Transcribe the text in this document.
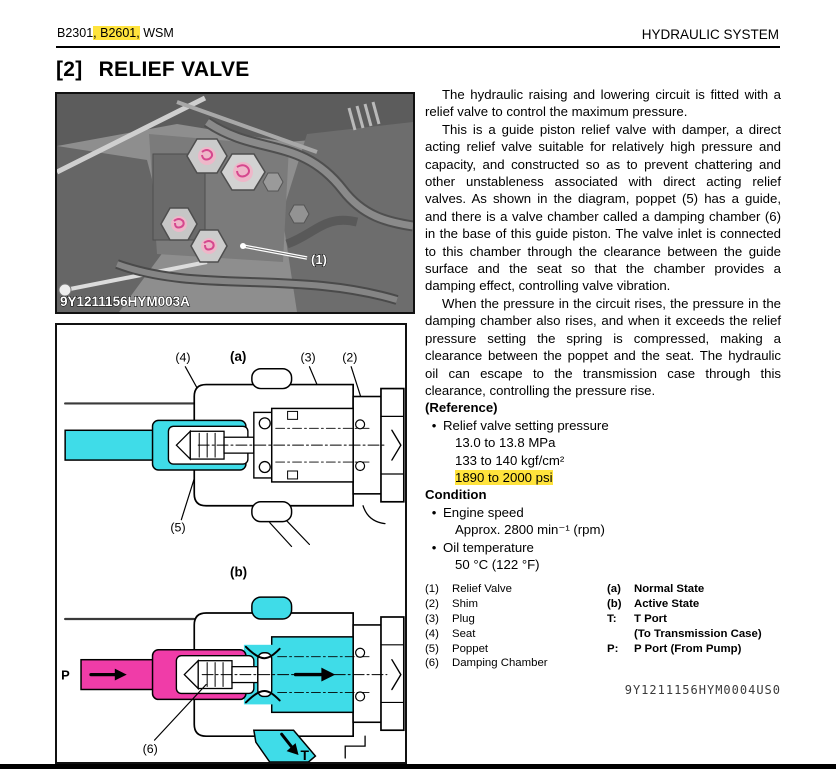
B2301, B2601, WSM	HYDRAULIC SYSTEM
[2] RELIEF VALVE
(1)
9Y1211156HYM003A
(a)
(4)	(3) (2)
(5)
(b)
P
T
(6)

The hydraulic raising and lowering circuit is fitted with a relief valve to control the maximum pressure.

This is a guide piston relief valve with damper, a direct acting relief valve suitable for relatively high pressure and capacity, and constructed so as to prevent chattering and other unstableness associated with direct acting relief valves. As shown in the diagram, poppet (5) has a guide, and there is a valve chamber called a damping chamber (6) in the base of this guide piston. The valve inlet is connected to this chamber through the clearance between the guide surface and the seat so that the chamber provides a damping effect, controlling valve vibration.

When the pressure in the circuit rises, the pressure in the damping chamber also rises, and when it exceeds the relief pressure setting the spring is compressed, making a clearance between the poppet and the seat. The hydraulic oil can escape to the transmission case through this clearance, controlling the pressure rise.

(Reference)
• Relief valve setting pressure
13.0 to 13.8 MPa
133 to 140 kgf/cm²
1890 to 2000 psi
Condition
• Engine speed
Approx. 2800 min⁻¹ (rpm)
• Oil temperature
50 °C (122 °F)
(1)	Relief Valve
(2)	Shim
(3)	Plug
(4)	Seat
(5)	Poppet
(6)	Damping Chamber
(a)	Normal State
(b)	Active State
T:	T Port
(To Transmission Case)
P:	P Port (From Pump)
9Y1211156HYM0004US0
